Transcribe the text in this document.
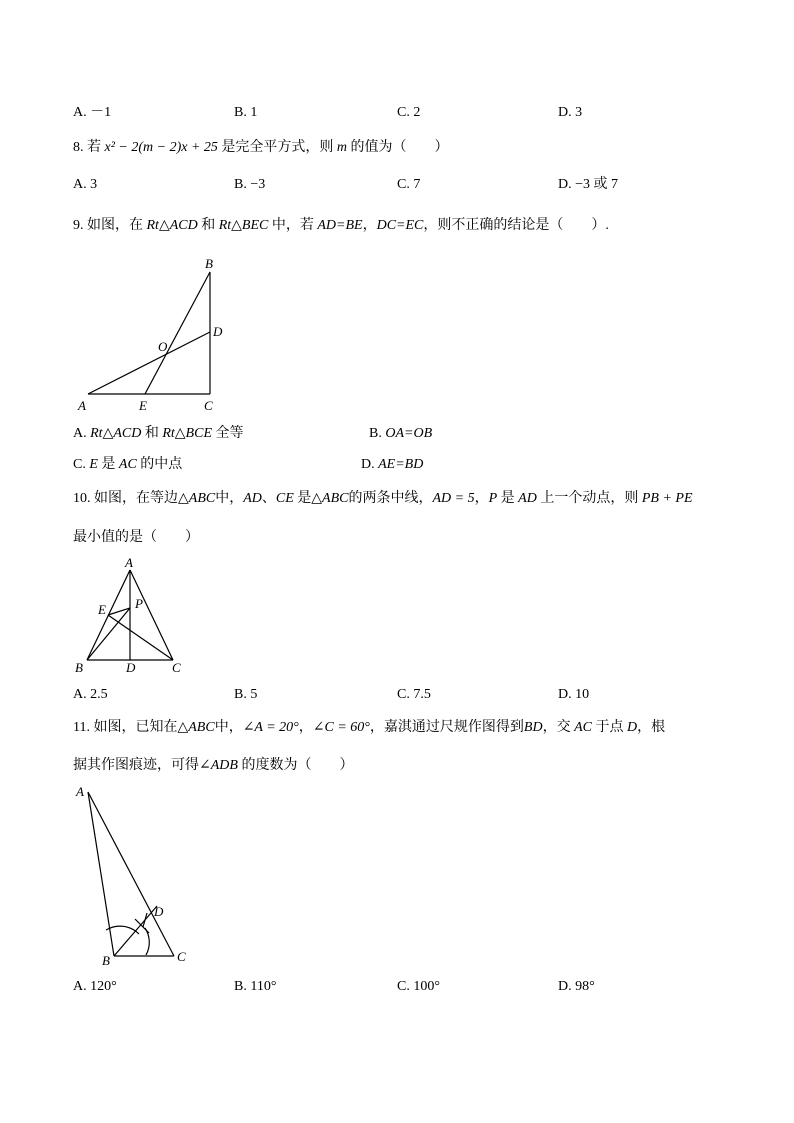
A. －1	B. 1	C. 2	D. 3
8. 若 x² − 2(m − 2)x + 25 是完全平方式，则 m 的值为（　　）
A. 3	B. −3	C. 7	D. −3 或 7
9. 如图，在 Rt△ACD 和 Rt△BEC 中，若 AD=BE，DC=EC，则不正确的结论是（　　）.
B
D
O
A	E	C
A. Rt△ACD 和 Rt△BCE 全等	B. OA=OB
C. E 是 AC 的中点	D. AE=BD
10. 如图，在等边△ABC中，AD、CE 是△ABC的两条中线，AD = 5，P 是 AD 上一个动点，则 PB + PE
最小值的是（　　）
A
E P
B	D	C
A. 2.5	B. 5	C. 7.5	D. 10
11. 如图，已知在△ABC中，∠A = 20°，∠C = 60°，嘉淇通过尺规作图得到BD，交 AC 于点 D，根
据其作图痕迹，可得∠ADB 的度数为（　　）
A
D
B	C
A. 120°	B. 110°	C. 100°	D. 98°
